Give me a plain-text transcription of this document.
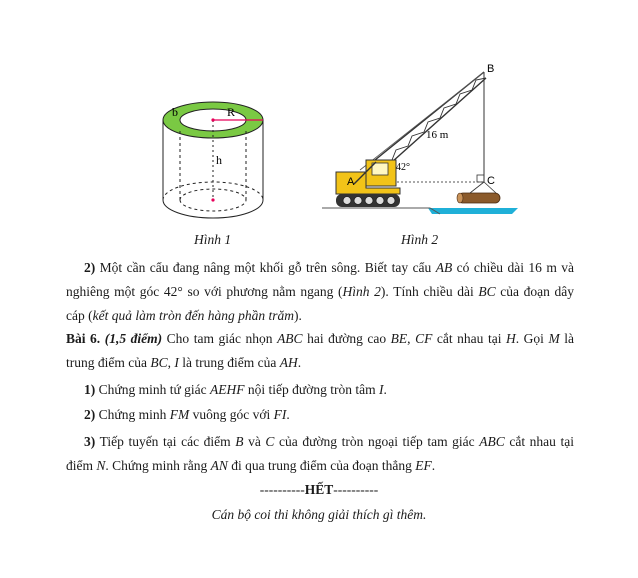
b	R
h
A
B
C
16 m
42°
Hình 1	Hình 2
2) Một cần cẩu đang nâng một khối gỗ trên sông. Biết tay cẩu AB có chiều dài 16 m và nghiêng một góc 42° so với phương nằm ngang (Hình 2). Tính chiều dài BC của đoạn dây cáp (kết quả làm tròn đến hàng phần trăm).
Bài 6. (1,5 điểm) Cho tam giác nhọn ABC hai đường cao BE, CF cắt nhau tại H. Gọi M là trung điểm của BC, I là trung điểm của AH.
1) Chứng minh tứ giác AEHF nội tiếp đường tròn tâm I.
2) Chứng minh FM vuông góc với FI.
3) Tiếp tuyến tại các điểm B và C của đường tròn ngoại tiếp tam giác ABC cắt nhau tại điểm N. Chứng minh rằng AN đi qua trung điểm của đoạn thẳng EF.
----------HẾT----------
Cán bộ coi thi không giải thích gì thêm.
